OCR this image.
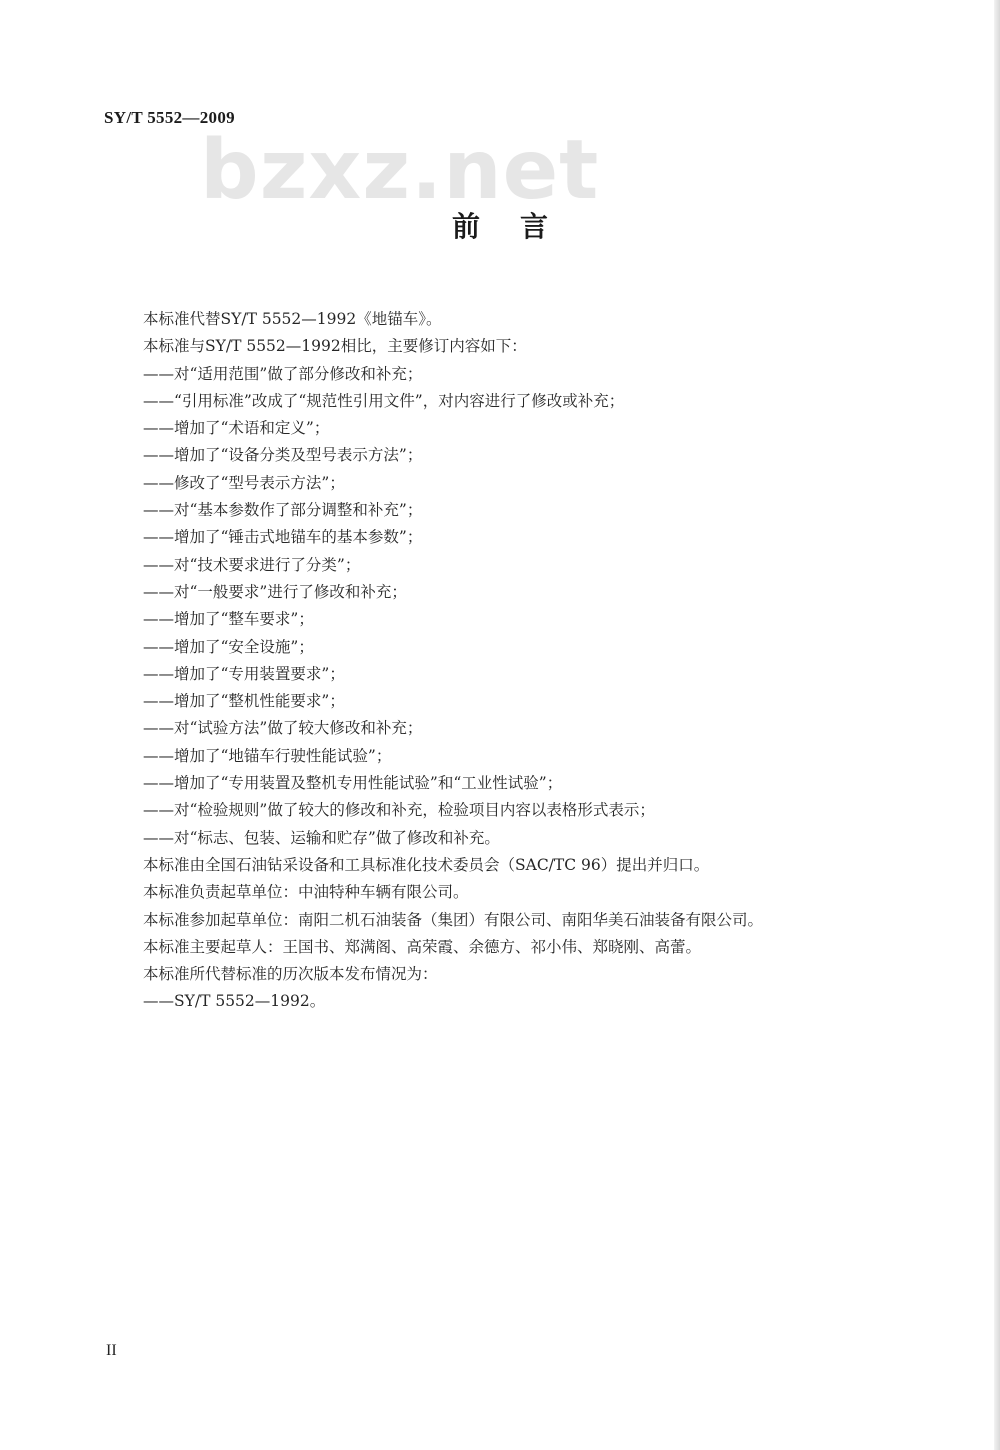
SY/T 5552—2009
bzxz.net
前言
本标准代替SY/T 5552—1992《地锚车》。
本标准与SY/T 5552—1992相比，主要修订内容如下：
——对“适用范围”做了部分修改和补充；
——“引用标准”改成了“规范性引用文件”，对内容进行了修改或补充；
——增加了“术语和定义”；
——增加了“设备分类及型号表示方法”；
——修改了“型号表示方法”；
——对“基本参数作了部分调整和补充”；
——增加了“锤击式地锚车的基本参数”；
——对“技术要求进行了分类”；
——对“一般要求”进行了修改和补充；
——增加了“整车要求”；
——增加了“安全设施”；
——增加了“专用装置要求”；
——增加了“整机性能要求”；
——对“试验方法”做了较大修改和补充；
——增加了“地锚车行驶性能试验”；
——增加了“专用装置及整机专用性能试验”和“工业性试验”；
——对“检验规则”做了较大的修改和补充，检验项目内容以表格形式表示；
——对“标志、包装、运输和贮存”做了修改和补充。
本标准由全国石油钻采设备和工具标准化技术委员会（SAC/TC 96）提出并归口。
本标准负责起草单位：中油特种车辆有限公司。
本标准参加起草单位：南阳二机石油装备（集团）有限公司、南阳华美石油装备有限公司。
本标准主要起草人：王国书、郑满阁、高荣霞、余德方、祁小伟、郑晓刚、高蕾。
本标准所代替标准的历次版本发布情况为：
——SY/T 5552—1992。
II
